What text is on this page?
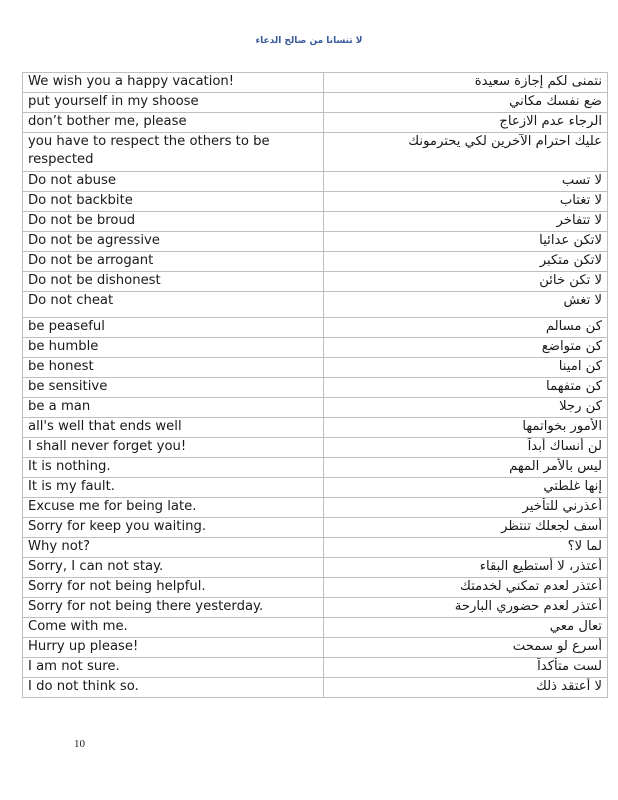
لا تنسانا من صالح الدعاء
We wish you a happy vacation!	نتمنى لكم إجازة سعيدة
put yourself in my shoose	ضع نفسك مكاني
don’t bother me, please	الرجاء عدم الازعاج
you have to respect the others to be respected	عليك احترام الآخرين لكي يحترمونك
Do not abuse	لا تسب
Do not backbite	لا تغتاب
Do not be broud	لا تتفاخر
Do not be agressive	لاتكن عدائيا
Do not be arrogant	لاتكن متكبر
Do not be dishonest	لا تكن خائن
Do not cheat	لا تغش
be peaseful	كن مسالم
be humble	كن متواضع
be honest	كن امينا
be sensitive	كن متفهما
be a man	كن رجلا
all's well that ends well	الأمور بخواتمها
I shall never forget you!	لن أنساك أبداً
It is nothing.	ليس بالأمر المهم
It is my fault.	إنها غلطتي
Excuse me for being late.	أعذرني للتأخير
Sorry for keep you waiting.	أسف لجعلك تنتظر
Why not?	لما لا؟
Sorry, I can not stay.	أعتذر، لا أستطيع البقاء
Sorry for not being helpful.	أعتذر لعدم تمكني لخدمتك
Sorry for not being there yesterday.	أعتذر لعدم حضوري البارحة
Come with me.	تعال معي
Hurry up please!	أسرع لو سمحت
I am not sure.	لست متأكداً
I do not think so.	لا أعتقد ذلك
10
